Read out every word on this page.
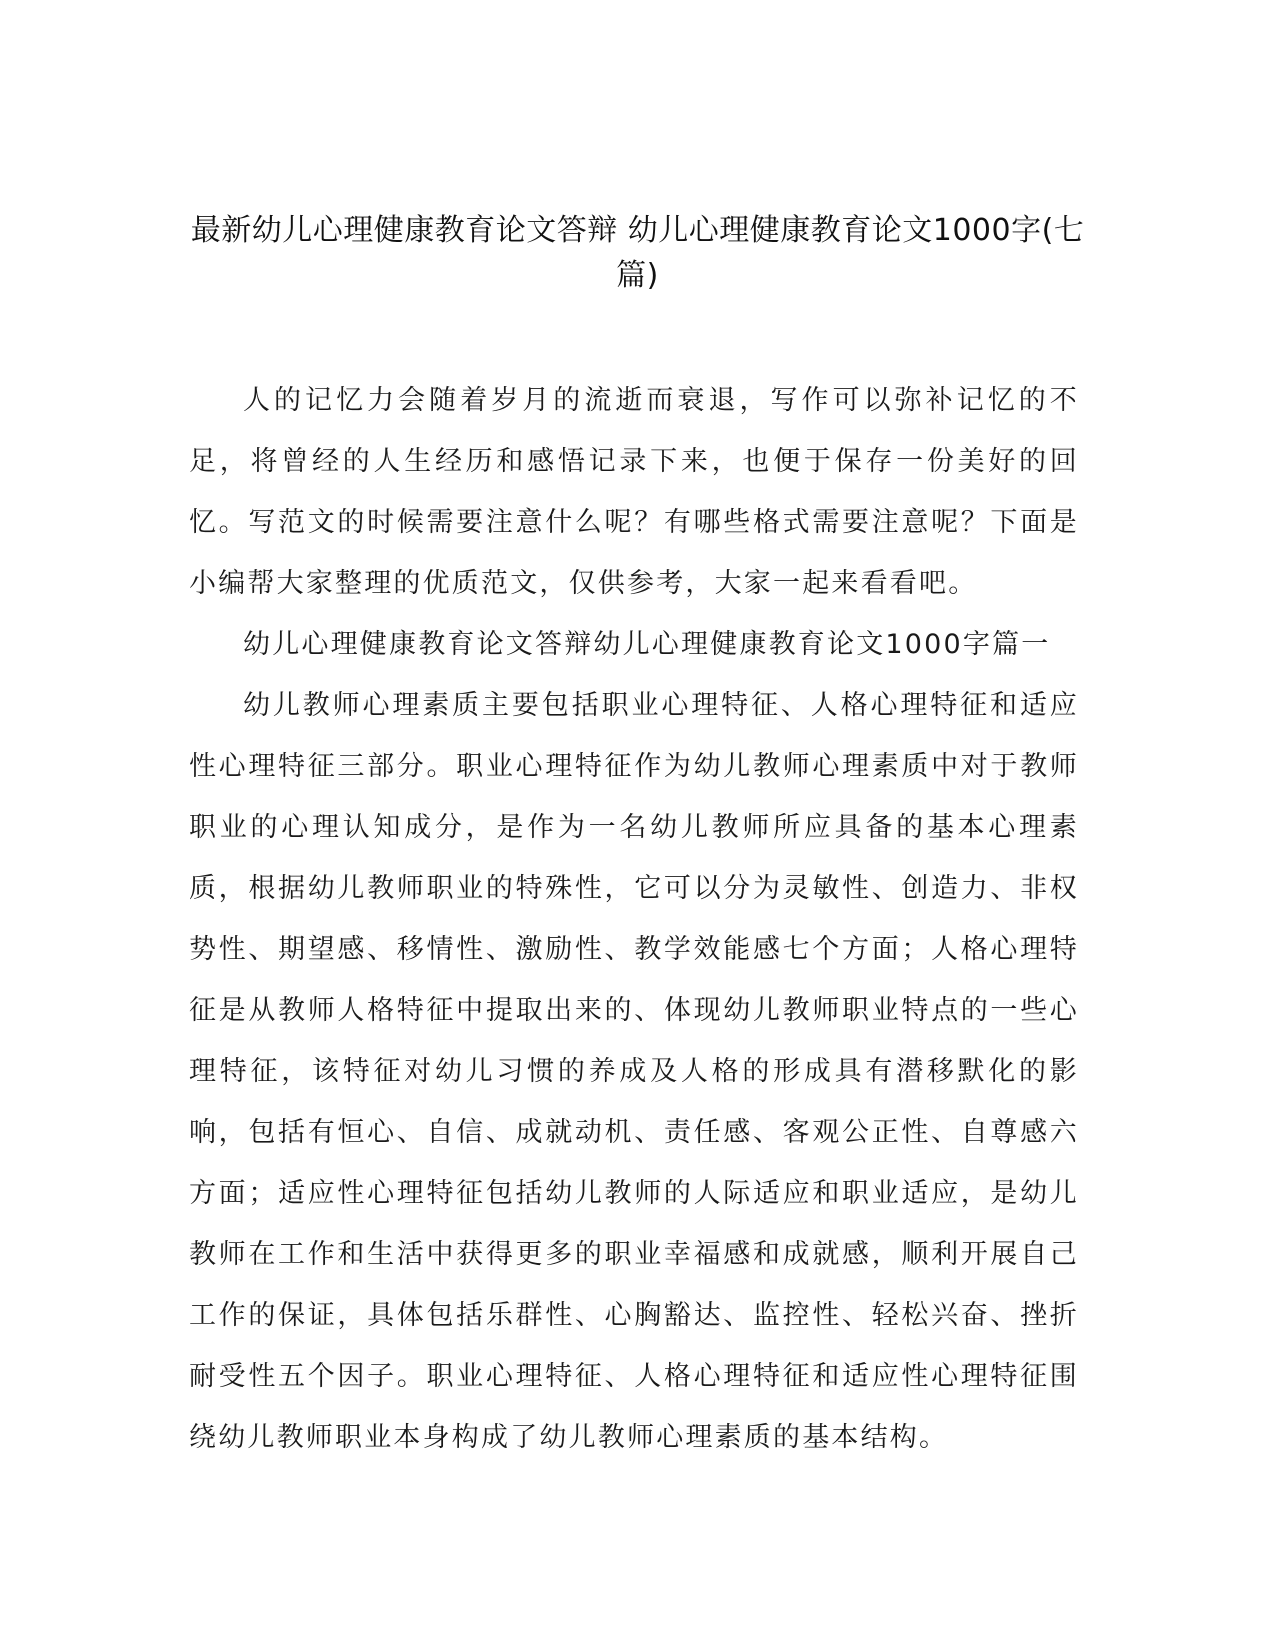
最新幼儿心理健康教育论文答辩 幼儿心理健康教育论文1000字(七篇)

人的记忆力会随着岁月的流逝而衰退，写作可以弥补记忆的不足，将曾经的人生经历和感悟记录下来，也便于保存一份美好的回忆。写范文的时候需要注意什么呢？有哪些格式需要注意呢？下面是小编帮大家整理的优质范文，仅供参考，大家一起来看看吧。

幼儿心理健康教育论文答辩幼儿心理健康教育论文1000字篇一

幼儿教师心理素质主要包括职业心理特征、人格心理特征和适应性心理特征三部分。职业心理特征作为幼儿教师心理素质中对于教师职业的心理认知成分，是作为一名幼儿教师所应具备的基本心理素质，根据幼儿教师职业的特殊性，它可以分为灵敏性、创造力、非权势性、期望感、移情性、激励性、教学效能感七个方面；人格心理特征是从教师人格特征中提取出来的、体现幼儿教师职业特点的一些心理特征，该特征对幼儿习惯的养成及人格的形成具有潜移默化的影响，包括有恒心、自信、成就动机、责任感、客观公正性、自尊感六方面；适应性心理特征包括幼儿教师的人际适应和职业适应，是幼儿教师在工作和生活中获得更多的职业幸福感和成就感，顺利开展自己工作的保证，具体包括乐群性、心胸豁达、监控性、轻松兴奋、挫折耐受性五个因子。职业心理特征、人格心理特征和适应性心理特征围绕幼儿教师职业本身构成了幼儿教师心理素质的基本结构。
